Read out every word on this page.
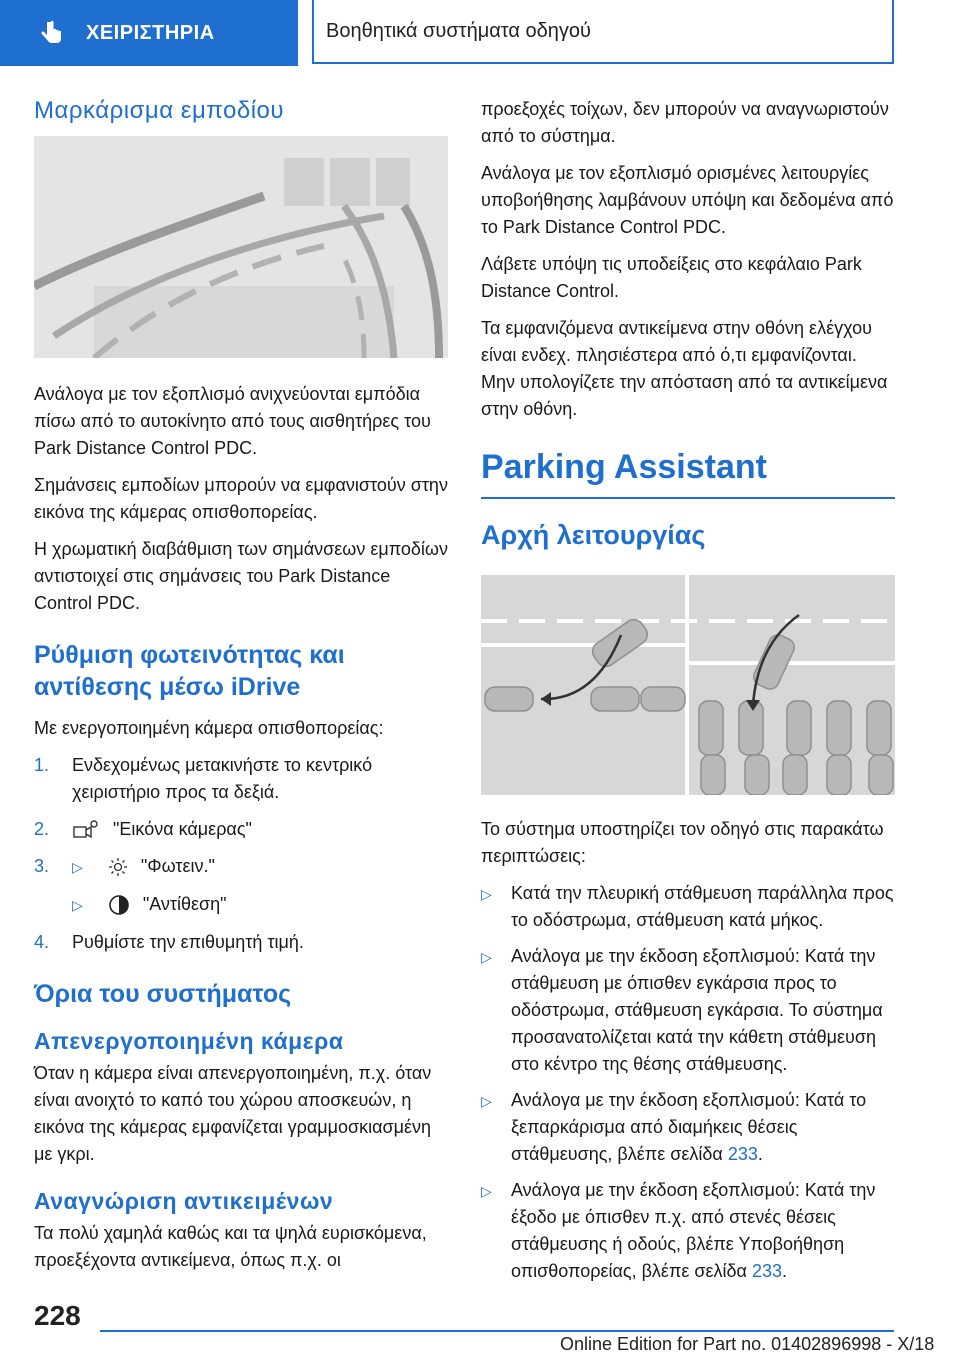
ΧΕΙΡΙΣΤΗΡΙΑ	Βοηθητικά συστήματα οδηγού
Μαρκάρισμα εμποδίου

Ανάλογα με τον εξοπλισμό ανιχνεύονται εμπόδια πίσω από το αυτοκίνητο από τους αισθητήρες του Park Distance Control PDC.

Σημάνσεις εμποδίων μπορούν να εμφανιστούν στην εικόνα της κάμερας οπισθοπορείας.

Η χρωματική διαβάθμιση των σημάνσεων εμποδίων αντιστοιχεί στις σημάνσεις του Park Distance Control PDC.

Ρύθμιση φωτεινότητας και αντίθεσης μέσω iDrive

Με ενεργοποιημένη κάμερα οπισθοπορείας:

1. Ενδεχομένως μετακινήστε το κεντρικό χειριστήριο προς τα δεξιά.
2.	"Εικόνα κάμερας"
3. ▷	"Φωτειν."
▷	"Αντίθεση"
4. Ρυθμίστε την επιθυμητή τιμή.
Όρια του συστήματος
Απενεργοποιημένη κάμερα

Όταν η κάμερα είναι απενεργοποιημένη, π.χ. όταν είναι ανοιχτό το καπό του χώρου αποσκευών, η εικόνα της κάμερας εμφανίζεται γραμμοσκιασμένη με γκρι.

Αναγνώριση αντικειμένων

Τα πολύ χαμηλά καθώς και τα ψηλά ευρισκόμενα, προεξέχοντα αντικείμενα, όπως π.χ. οι

προεξοχές τοίχων, δεν μπορούν να αναγνωριστούν από το σύστημα.

Ανάλογα με τον εξοπλισμό ορισμένες λειτουργίες υποβοήθησης λαμβάνουν υπόψη και δεδομένα από το Park Distance Control PDC.

Λάβετε υπόψη τις υποδείξεις στο κεφάλαιο Park Distance Control.

Τα εμφανιζόμενα αντικείμενα στην οθόνη ελέγχου είναι ενδεχ. πλησιέστερα από ό,τι εμφανίζονται. Μην υπολογίζετε την απόσταση από τα αντικείμενα στην οθόνη.

Parking Assistant
Αρχή λειτουργίας

Το σύστημα υποστηρίζει τον οδηγό στις παρακάτω περιπτώσεις:

▷ Κατά την πλευρική στάθμευση παράλληλα προς το οδόστρωμα, στάθμευση κατά μήκος.
▷ Ανάλογα με την έκδοση εξοπλισμού: Κατά την στάθμευση με όπισθεν εγκάρσια προς το οδόστρωμα, στάθμευση εγκάρσια. Το σύστημα προσανατολίζεται κατά την κάθετη στάθμευση στο κέντρο της θέσης στάθμευσης.
▷ Ανάλογα με την έκδοση εξοπλισμού: Κατά το ξεπαρκάρισμα από διαμήκεις θέσεις στάθμευσης, βλέπε σελίδα 233.
▷ Ανάλογα με την έκδοση εξοπλισμού: Κατά την έξοδο με όπισθεν π.χ. από στενές θέσεις στάθμευσης ή οδούς, βλέπε Υποβοήθηση οπισθοπορείας, βλέπε σελίδα 233.
228
Online Edition for Part no. 01402896998 - X/18
